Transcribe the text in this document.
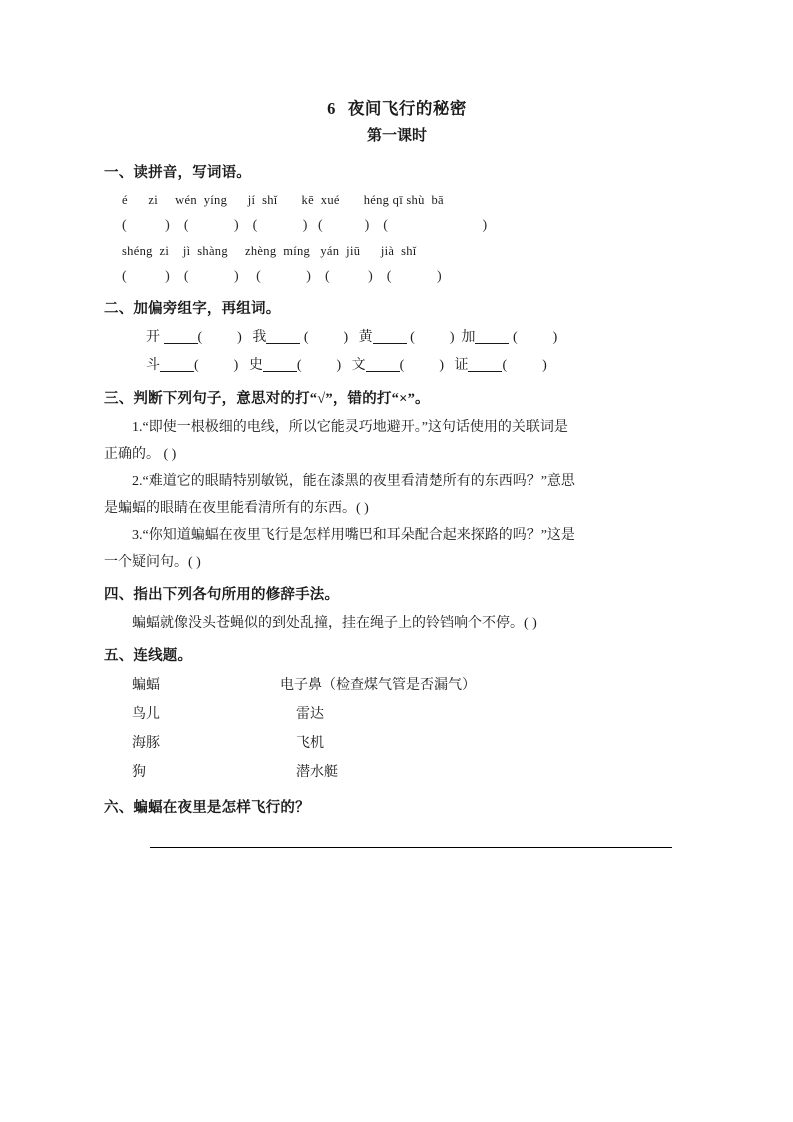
6 夜间飞行的秘密
第一课时
一、读拼音，写词语。
é      zi     wén  yíng      jí  shǐ       kē  xué       héng qī shù  bā
(           )    (             )    (             )   (            )    (                           )
shéng  zi    jì  shàng     zhèng  míng   yán  jiū      jià  shǐ
(           )    (             )     (             )    (           )    (             )
二、加偏旁组字，再组词。
开	(          ) 我	(          ) 黄	(          ) 加	(          )
斗 (          ) 史 (          ) 文 (          ) 证 (          )
三、判断下列句子，意思对的打“√”，错的打“×”。
1.“即使一根极细的电线，所以它能灵巧地避开。”这句话使用的关联词是
正确的。 ( )
2.“难道它的眼睛特别敏锐，能在漆黑的夜里看清楚所有的东西吗？”意思
是蝙蝠的眼睛在夜里能看清所有的东西。( )
3.“你知道蝙蝠在夜里飞行是怎样用嘴巴和耳朵配合起来探路的吗？”这是
一个疑问句。( )
四、指出下列各句所用的修辞手法。
蝙蝠就像没头苍蝇似的到处乱撞，挂在绳子上的铃铛响个不停。( )
五、连线题。
蝙蝠	电子鼻（检查煤气管是否漏气）
鸟儿	雷达
海豚	飞机
狗	潜水艇
六、蝙蝠在夜里是怎样飞行的？
